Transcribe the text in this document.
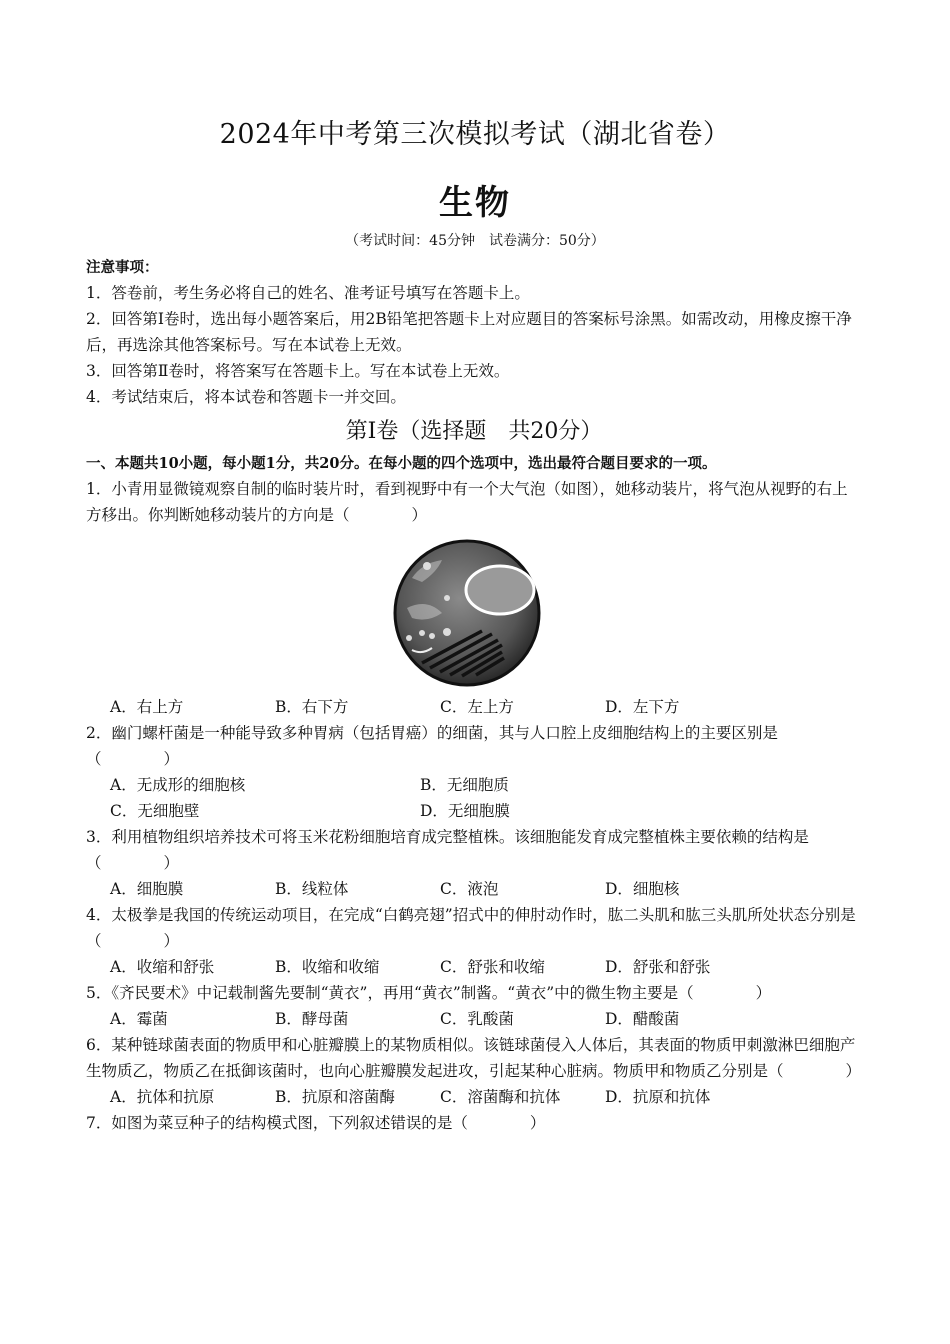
2024年中考第三次模拟考试（湖北省卷）
生物
（考试时间：45分钟　试卷满分：50分）
注意事项：
1．答卷前，考生务必将自己的姓名、准考证号填写在答题卡上。
2．回答第Ⅰ卷时，选出每小题答案后，用2B铅笔把答题卡上对应题目的答案标号涂黑。如需改动，用橡皮擦干净后，再选涂其他答案标号。写在本试卷上无效。
3．回答第Ⅱ卷时，将答案写在答题卡上。写在本试卷上无效。
4．考试结束后，将本试卷和答题卡一并交回。
第Ⅰ卷（选择题　共20分）
一、本题共10小题，每小题1分，共20分。在每小题的四个选项中，选出最符合题目要求的一项。
1．小青用显微镜观察自制的临时装片时，看到视野中有一个大气泡（如图），她移动装片，将气泡从视野的右上方移出。你判断她移动装片的方向是（　　　　）
A．右上方	B．右下方	C．左上方	D．左下方
2．幽门螺杆菌是一种能导致多种胃病（包括胃癌）的细菌，其与人口腔上皮细胞结构上的主要区别是（　　　　）
A．无成形的细胞核	B．无细胞质
C．无细胞壁	D．无细胞膜
3．利用植物组织培养技术可将玉米花粉细胞培育成完整植株。该细胞能发育成完整植株主要依赖的结构是（　　　　）
A．细胞膜	B．线粒体	C．液泡	D．细胞核
4．太极拳是我国的传统运动项目，在完成“白鹤亮翅”招式中的伸肘动作时，肱二头肌和肱三头肌所处状态分别是（　　　　）
A．收缩和舒张	B．收缩和收缩	C．舒张和收缩	D．舒张和舒张
5．《齐民要术》中记载制酱先要制“黄衣”，再用“黄衣”制酱。“黄衣”中的微生物主要是（　　　　）
A．霉菌	B．酵母菌	C．乳酸菌	D．醋酸菌
6．某种链球菌表面的物质甲和心脏瓣膜上的某物质相似。该链球菌侵入人体后，其表面的物质甲刺激淋巴细胞产生物质乙，物质乙在抵御该菌时，也向心脏瓣膜发起进攻，引起某种心脏病。物质甲和物质乙分别是（　　　　）
A．抗体和抗原	B．抗原和溶菌酶	C．溶菌酶和抗体	D．抗原和抗体
7．如图为菜豆种子的结构模式图，下列叙述错误的是（　　　　）
